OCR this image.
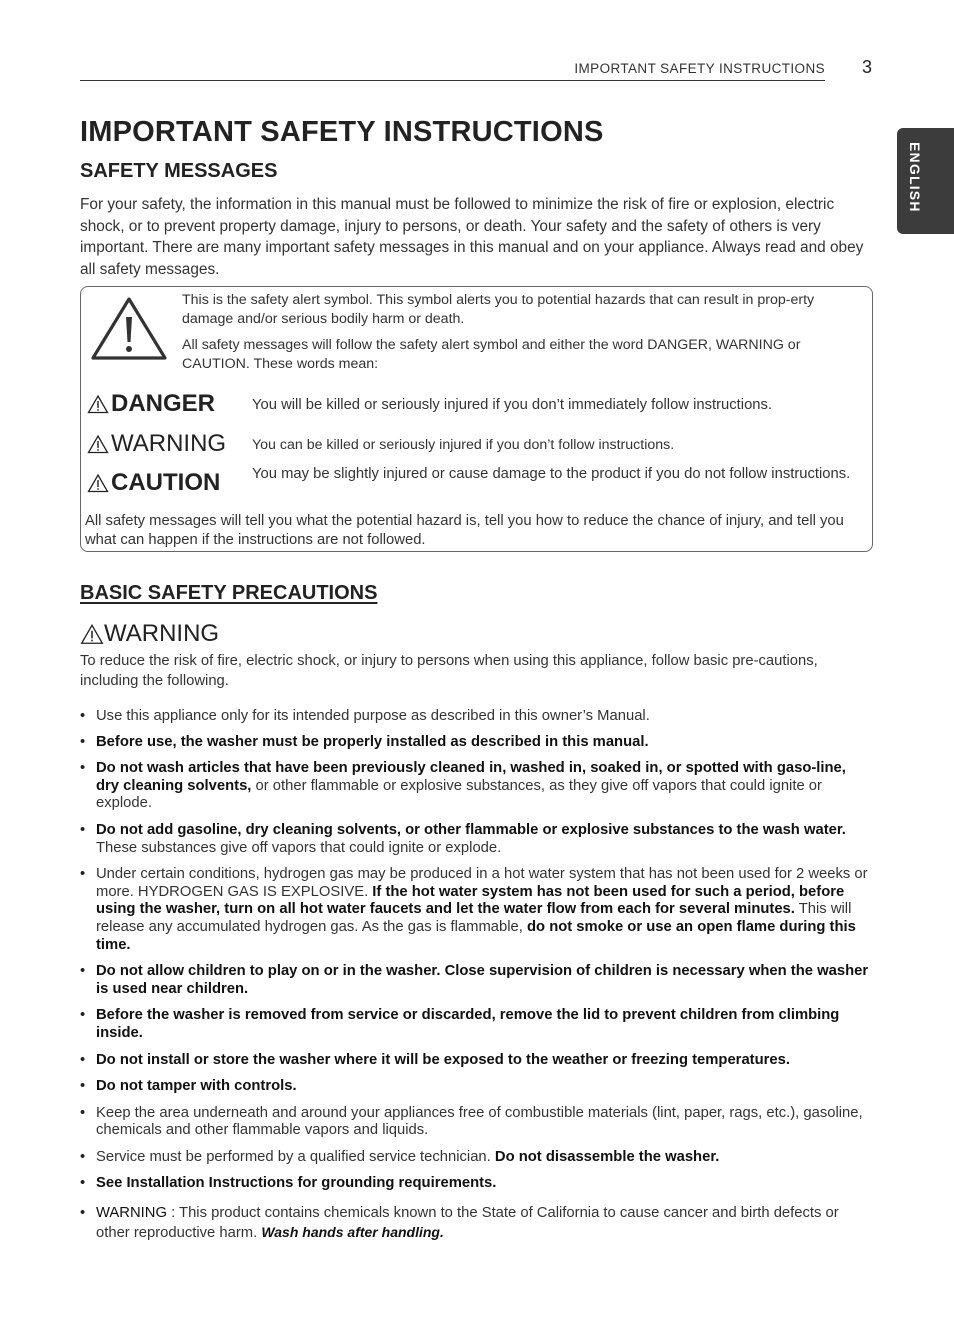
IMPORTANT SAFETY INSTRUCTIONS 3
ENGLISH
IMPORTANT SAFETY INSTRUCTIONS
SAFETY MESSAGES

For your safety, the information in this manual must be followed to minimize the risk of fire or explosion, electric shock, or to prevent property damage, injury to persons, or death. Your safety and the safety of others is very important. There are many important safety messages in this manual and on your appliance. Always read and obey all safety messages.

This is the safety alert symbol. This symbol alerts you to potential hazards that can result in prop-erty damage and/or serious bodily harm or death.

All safety messages will follow the safety alert symbol and either the word DANGER, WARNING or CAUTION. These words mean:

DANGER You will be killed or seriously injured if you don’t immediately follow instructions.
WARNING You can be killed or seriously injured if you don’t follow instructions.
CAUTION You may be slightly injured or cause damage to the product if you do not follow instructions.

All safety messages will tell you what the potential hazard is, tell you how to reduce the chance of injury, and tell you what can happen if the instructions are not followed.

BASIC SAFETY PRECAUTIONS
WARNING

To reduce the risk of fire, electric shock, or injury to persons when using this appliance, follow basic pre-cautions, including the following.

• Use this appliance only for its intended purpose as described in this owner’s Manual.
• Before use, the washer must be properly installed as described in this manual.
• Do not wash articles that have been previously cleaned in, washed in, soaked in, or spotted with gaso-line, dry cleaning solvents, or other flammable or explosive substances, as they give off vapors that could ignite or explode.
• Do not add gasoline, dry cleaning solvents, or other flammable or explosive substances to the wash water. These substances give off vapors that could ignite or explode.
• Under certain conditions, hydrogen gas may be produced in a hot water system that has not been used for 2 weeks or more. HYDROGEN GAS IS EXPLOSIVE. If the hot water system has not been used for such a period, before using the washer, turn on all hot water faucets and let the water flow from each for several minutes. This will release any accumulated hydrogen gas. As the gas is flammable, do not smoke or use an open flame during this time.
• Do not allow children to play on or in the washer. Close supervision of children is necessary when the washer is used near children.
• Before the washer is removed from service or discarded, remove the lid to prevent children from climbing inside.
• Do not install or store the washer where it will be exposed to the weather or freezing temperatures.
• Do not tamper with controls.
• Keep the area underneath and around your appliances free of combustible materials (lint, paper, rags, etc.), gasoline, chemicals and other flammable vapors and liquids.
• Service must be performed by a qualified service technician. Do not disassemble the washer.
• See Installation Instructions for grounding requirements.
• WARNING : This product contains chemicals known to the State of California to cause cancer and birth defects or other reproductive harm. Wash hands after handling.
